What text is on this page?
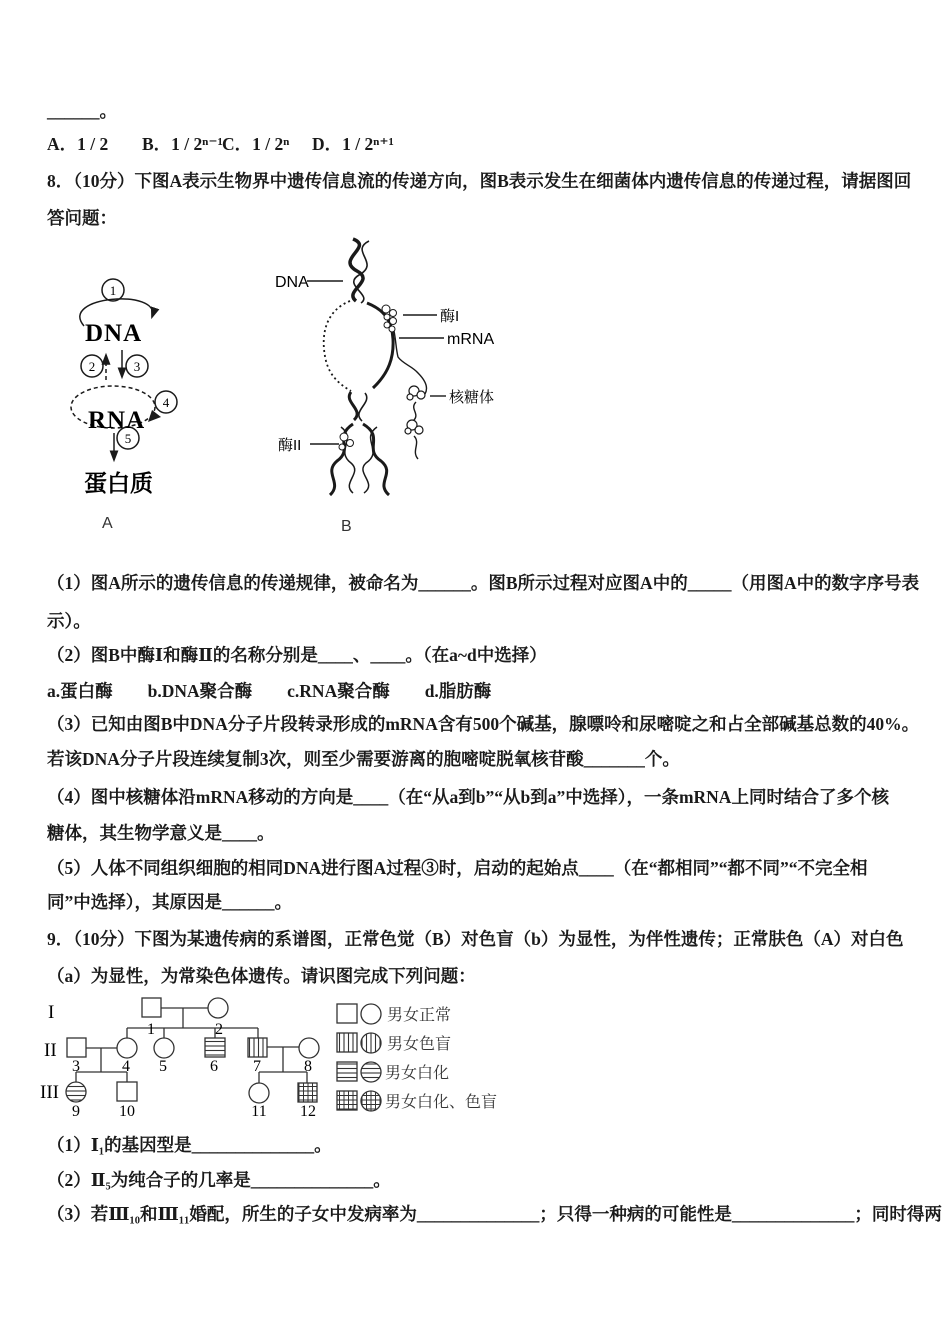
______。
A．1 / 2 B．1 / 2ⁿ⁻¹ C．1 / 2ⁿ D．1 / 2ⁿ⁺¹
8．（10分）下图A表示生物界中遗传信息流的传递方向，图B表示发生在细菌体内遗传信息的传递过程，请据图回
答问题：
DNA
1
2	3
4
5
RNA
蛋白质
A
DNA
酶I
mRNA
核糖体
酶II
B
（1）图A所示的遗传信息的传递规律，被命名为______。图B所示过程对应图A中的_____（用图A中的数字序号表
示）。
（2）图B中酶Ⅰ和酶Ⅱ的名称分别是____、____。（在a~d中选择）
a.蛋白酶　　b.DNA聚合酶　　c.RNA聚合酶　　d.脂肪酶
（3）已知由图B中DNA分子片段转录形成的mRNA含有500个碱基，腺嘌呤和尿嘧啶之和占全部碱基总数的40%。
若该DNA分子片段连续复制3次，则至少需要游离的胞嘧啶脱氧核苷酸_______个。
（4）图中核糖体沿mRNA移动的方向是____（在“从a到b”“从b到a”中选择），一条mRNA上同时结合了多个核
糖体，其生物学意义是____。
（5）人体不同组织细胞的相同DNA进行图A过程③时，启动的起始点____（在“都相同”“都不同”“不完全相
同”中选择），其原因是______。
9．（10分）下图为某遗传病的系谱图，正常色觉（B）对色盲（b）为显性，为伴性遗传；正常肤色（A）对白色
（a）为显性，为常染色体遗传。请识图完成下列问题：
I
II
III
1	2
3	4 5	6 7	8
9 10	11 12
男女正常
男女色盲
男女白化
男女白化、色盲
（1）Ⅰ₁的基因型是______________。
（2）Ⅱ₅为纯合子的几率是______________。
（3）若Ⅲ₁₀和Ⅲ₁₁婚配，所生的子女中发病率为______________；只得一种病的可能性是______________；同时得两
